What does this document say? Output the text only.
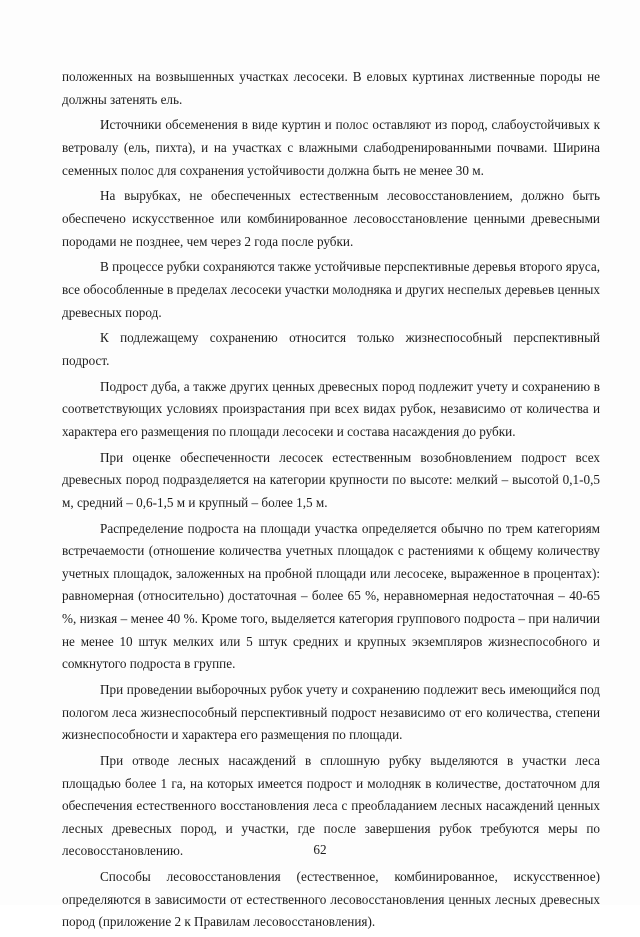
положенных на возвышенных участках лесосеки. В еловых куртинах лиственные породы не должны затенять ель.

Источники обсеменения в виде куртин и полос оставляют из пород, слабоустойчивых к ветровалу (ель, пихта), и на участках с влажными слабодренированными почвами. Ширина семенных полос для сохранения устойчивости должна быть не менее 30 м.

На вырубках, не обеспеченных естественным лесовосстановлением, должно быть обеспечено искусственное или комбинированное лесовосстановление ценными древесными породами не позднее, чем через 2 года после рубки.

В процессе рубки сохраняются также устойчивые перспективные деревья второго яруса, все обособленные в пределах лесосеки участки молодняка и других неспелых деревьев ценных древесных пород.

К подлежащему сохранению относится только жизнеспособный перспективный подрост.

Подрост дуба, а также других ценных древесных пород подлежит учету и сохранению в соответствующих условиях произрастания при всех видах рубок, независимо от количества и характера его размещения по площади лесосеки и состава насаждения до рубки.

При оценке обеспеченности лесосек естественным возобновлением подрост всех древесных пород подразделяется на категории крупности по высоте: мелкий – высотой 0,1-0,5 м, средний – 0,6-1,5 м и крупный – более 1,5 м.

Распределение подроста на площади участка определяется обычно по трем категориям встречаемости (отношение количества учетных площадок с растениями к общему количеству учетных площадок, заложенных на пробной площади или лесосеке, выраженное в процентах): равномерная (относительно) достаточная – более 65 %, неравномерная недостаточная – 40-65 %, низкая – менее 40 %. Кроме того, выделяется категория группового подроста – при наличии не менее 10 штук мелких или 5 штук средних и крупных экземпляров жизнеспособного и сомкнутого подроста в группе.

При проведении выборочных рубок учету и сохранению подлежит весь имеющийся под пологом леса жизнеспособный перспективный подрост независимо от его количества, степени жизнеспособности и характера его размещения по площади.

При отводе лесных насаждений в сплошную рубку выделяются в участки леса площадью более 1 га, на которых имеется подрост и молодняк в количестве, достаточном для обеспечения естественного восстановления леса с преобладанием лесных насаждений ценных лесных древесных пород, и участки, где после завершения рубок требуются меры по лесовосстановлению.

Способы лесовосстановления (естественное, комбинированное, искусственное) определяются в зависимости от естественного лесовосстановления ценных лесных древесных пород (приложение 2 к Правилам лесовосстановления).

62
